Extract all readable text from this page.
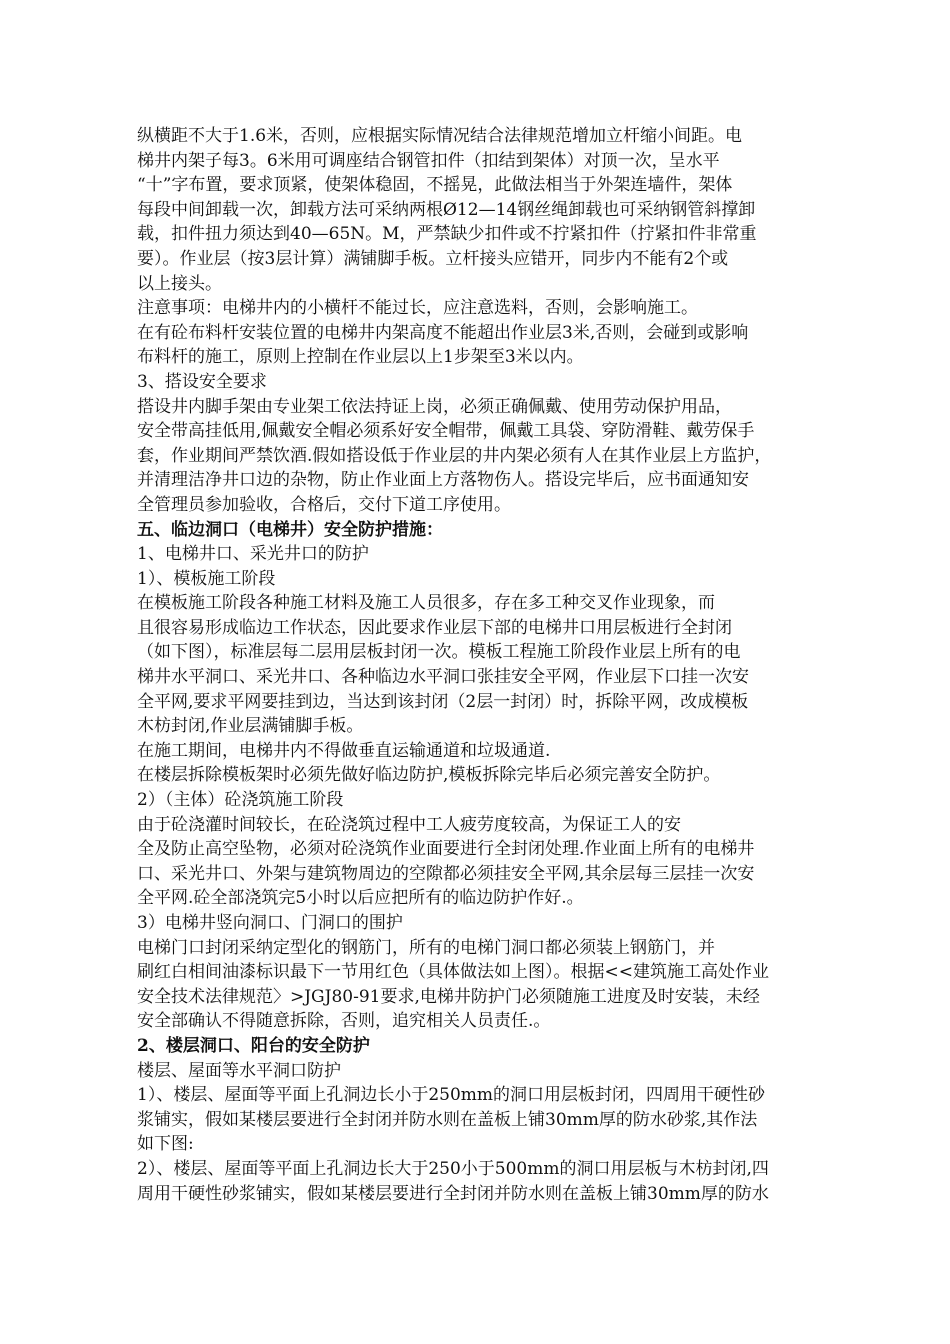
纵横距不大于1.6米，否则，应根据实际情况结合法律规范增加立杆缩小间距。电
梯井内架子每3。6米用可调座结合钢管扣件（扣结到架体）对顶一次，呈水平
“十”字布置，要求顶紧，使架体稳固，不摇晃，此做法相当于外架连墙件，架体
每段中间卸载一次，卸载方法可采纳两根Ø12—14钢丝绳卸载也可采纳钢管斜撑卸
载，扣件扭力须达到40—65N。M，严禁缺少扣件或不拧紧扣件（拧紧扣件非常重
要）。作业层（按3层计算）满铺脚手板。立杆接头应错开，同步内不能有2个或
以上接头。
注意事项：电梯井内的小横杆不能过长，应注意选料，否则，会影响施工。
在有砼布料杆安装位置的电梯井内架高度不能超出作业层3米,否则，会碰到或影响
布料杆的施工，原则上控制在作业层以上1步架至3米以内。
3、搭设安全要求
搭设井内脚手架由专业架工依法持证上岗，必须正确佩戴、使用劳动保护用品，
安全带高挂低用,佩戴安全帽必须系好安全帽带，佩戴工具袋、穿防滑鞋、戴劳保手
套，作业期间严禁饮酒.假如搭设低于作业层的井内架必须有人在其作业层上方监护，
并清理洁净井口边的杂物，防止作业面上方落物伤人。搭设完毕后，应书面通知安
全管理员参加验收，合格后，交付下道工序使用。
五、临边洞口（电梯井）安全防护措施：
1、电梯井口、采光井口的防护
1）、模板施工阶段
在模板施工阶段各种施工材料及施工人员很多，存在多工种交叉作业现象，而
且很容易形成临边工作状态，因此要求作业层下部的电梯井口用层板进行全封闭
（如下图），标准层每二层用层板封闭一次。模板工程施工阶段作业层上所有的电
梯井水平洞口、采光井口、各种临边水平洞口张挂安全平网，作业层下口挂一次安
全平网,要求平网要挂到边，当达到该封闭（2层一封闭）时，拆除平网，改成模板
木枋封闭,作业层满铺脚手板。
在施工期间，电梯井内不得做垂直运输通道和垃圾通道.
在楼层拆除模板架时必须先做好临边防护,模板拆除完毕后必须完善安全防护。
2）（主体）砼浇筑施工阶段
由于砼浇灌时间较长，在砼浇筑过程中工人疲劳度较高，为保证工人的安
全及防止高空坠物，必须对砼浇筑作业面要进行全封闭处理.作业面上所有的电梯井
口、采光井口、外架与建筑物周边的空隙都必须挂安全平网,其余层每三层挂一次安
全平网.砼全部浇筑完5小时以后应把所有的临边防护作好.。
3）电梯井竖向洞口、门洞口的围护
电梯门口封闭采纳定型化的钢筋门，所有的电梯门洞口都必须装上钢筋门，并
刷红白相间油漆标识最下一节用红色（具体做法如上图）。根据<<建筑施工高处作业
安全技术法律规范〉>JGJ80-91要求,电梯井防护门必须随施工进度及时安装，未经
安全部确认不得随意拆除，否则，追究相关人员责任.。
2、楼层洞口、阳台的安全防护
楼层、屋面等水平洞口防护
1）、楼层、屋面等平面上孔洞边长小于250mm的洞口用层板封闭，四周用干硬性砂
浆铺实，假如某楼层要进行全封闭并防水则在盖板上铺30mm厚的防水砂浆,其作法
如下图:
2）、楼层、屋面等平面上孔洞边长大于250小于500mm的洞口用层板与木枋封闭,四
周用干硬性砂浆铺实，假如某楼层要进行全封闭并防水则在盖板上铺30mm厚的防水
